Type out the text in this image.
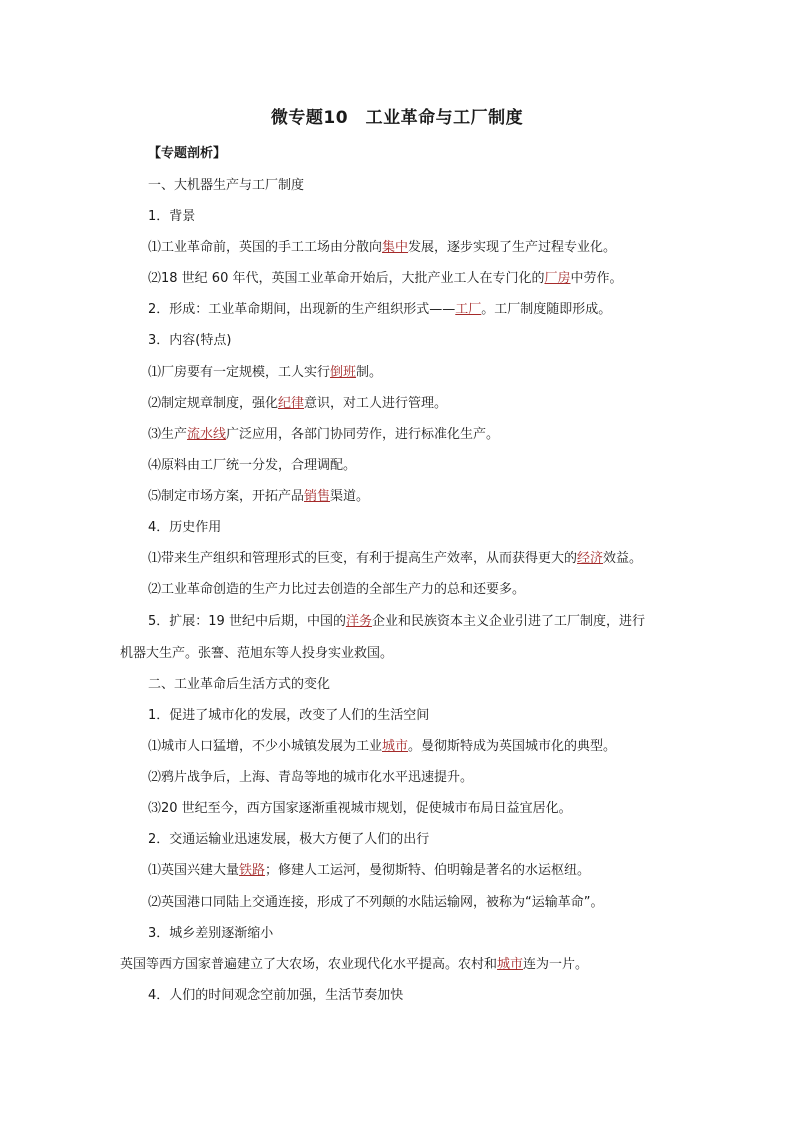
微专题10　工业革命与工厂制度
【专题剖析】
一、大机器生产与工厂制度
1．背景
⑴工业革命前，英国的手工工场由分散向集中发展，逐步实现了生产过程专业化。
⑵18 世纪 60 年代，英国工业革命开始后，大批产业工人在专门化的厂房中劳作。
2．形成：工业革命期间，出现新的生产组织形式——工厂。工厂制度随即形成。
3．内容(特点)
⑴厂房要有一定规模，工人实行倒班制。
⑵制定规章制度，强化纪律意识，对工人进行管理。
⑶生产流水线广泛应用，各部门协同劳作，进行标准化生产。
⑷原料由工厂统一分发，合理调配。
⑸制定市场方案，开拓产品销售渠道。
4．历史作用
⑴带来生产组织和管理形式的巨变，有利于提高生产效率，从而获得更大的经济效益。
⑵工业革命创造的生产力比过去创造的全部生产力的总和还要多。
5．扩展：19 世纪中后期，中国的洋务企业和民族资本主义企业引进了工厂制度，进行
机器大生产。张謇、范旭东等人投身实业救国。
二、工业革命后生活方式的变化
1．促进了城市化的发展，改变了人们的生活空间
⑴城市人口猛增，不少小城镇发展为工业城市。曼彻斯特成为英国城市化的典型。
⑵鸦片战争后，上海、青岛等地的城市化水平迅速提升。
⑶20 世纪至今，西方国家逐渐重视城市规划，促使城市布局日益宜居化。
2．交通运输业迅速发展，极大方便了人们的出行
⑴英国兴建大量铁路；修建人工运河，曼彻斯特、伯明翰是著名的水运枢纽。
⑵英国港口同陆上交通连接，形成了不列颠的水陆运输网，被称为“运输革命”。
3．城乡差别逐渐缩小
英国等西方国家普遍建立了大农场，农业现代化水平提高。农村和城市连为一片。
4．人们的时间观念空前加强，生活节奏加快
